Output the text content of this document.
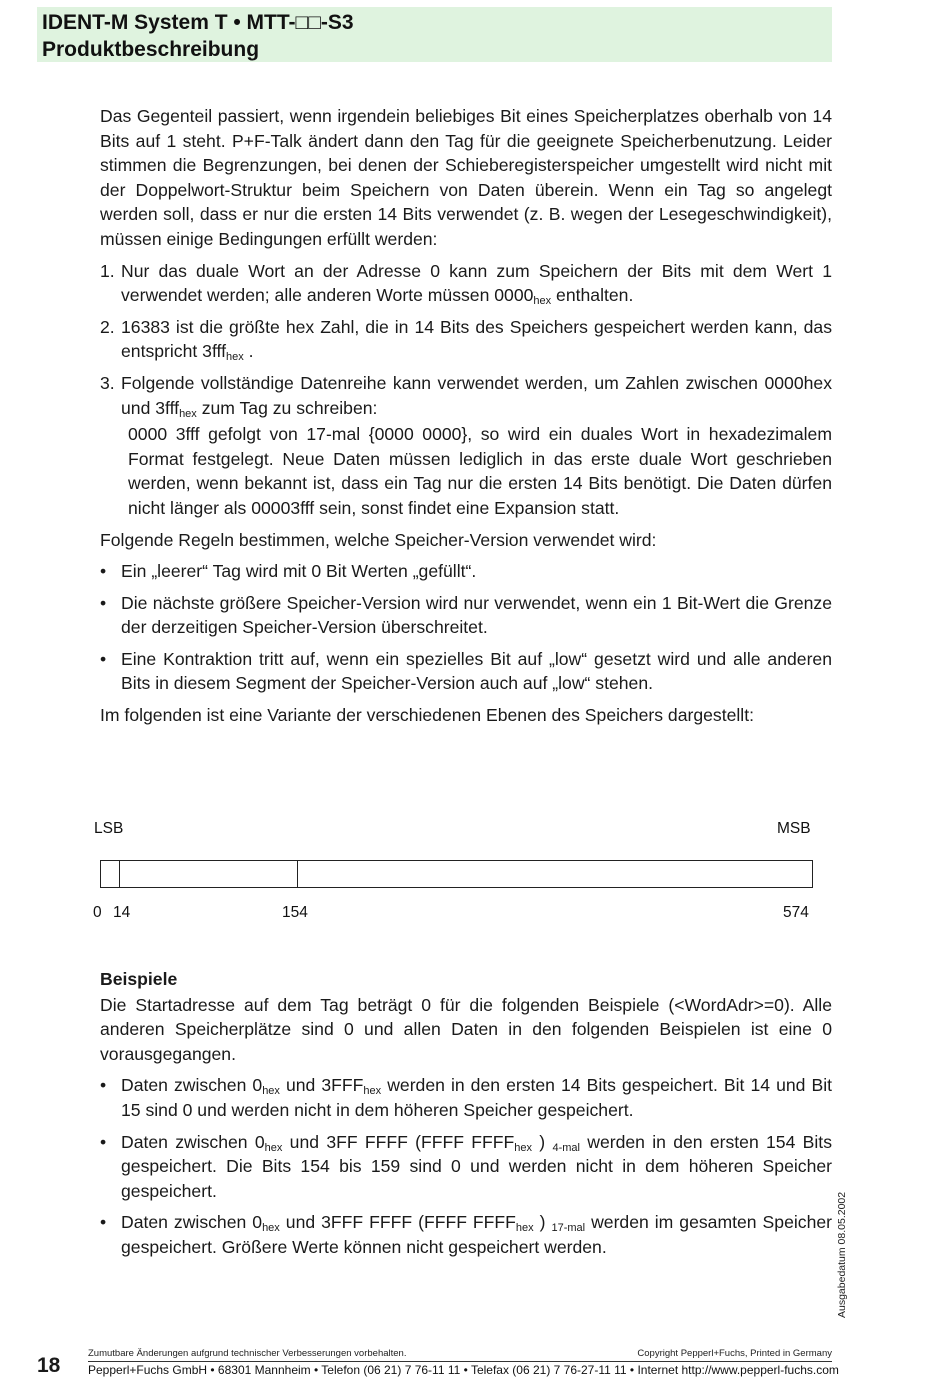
IDENT-M System T • MTT-□□-S3
Produktbeschreibung

Das Gegenteil passiert, wenn irgendein beliebiges Bit eines Speicherplatzes oberhalb von 14 Bits auf 1 steht. P+F-Talk ändert dann den Tag für die geeignete Speicherbenutzung. Leider stimmen die Begrenzungen, bei denen der Schieberegisterspeicher umgestellt wird nicht mit der Doppelwort-Struktur beim Speichern von Daten überein. Wenn ein Tag so angelegt werden soll, dass er nur die ersten 14 Bits verwendet (z. B. wegen der Lesegeschwindigkeit), müssen einige Bedingungen erfüllt werden:

1. Nur das duale Wort an der Adresse 0 kann zum Speichern der Bits mit dem Wert 1 verwendet werden; alle anderen Worte müssen $0000_{hex}$ enthalten.
2. 16383 ist die größte hex Zahl, die in 14 Bits des Speichers gespeichert werden kann, das entspricht 3fff$_{hex}$ .
3. Folgende vollständige Datenreihe kann verwendet werden, um Zahlen zwischen 0000hex und 3fff$_{hex}$ zum Tag zu schreiben:

0000 3fff gefolgt von 17-mal {0000 0000}, so wird ein duales Wort in hexadezimalem Format festgelegt. Neue Daten müssen lediglich in das erste duale Wort geschrieben werden, wenn bekannt ist, dass ein Tag nur die ersten 14 Bits benötigt. Die Daten dürfen nicht länger als 00003fff sein, sonst findet eine Expansion statt.

Folgende Regeln bestimmen, welche Speicher-Version verwendet wird:

• Ein „leerer“ Tag wird mit 0 Bit Werten „gefüllt“.
• Die nächste größere Speicher-Version wird nur verwendet, wenn ein 1 Bit-Wert die Grenze der derzeitigen Speicher-Version überschreitet.
• Eine Kontraktion tritt auf, wenn ein spezielles Bit auf „low“ gesetzt wird und alle anderen Bits in diesem Segment der Speicher-Version auch auf „low“ stehen.

Im folgenden ist eine Variante der verschiedenen Ebenen des Speichers dargestellt:

LSB	MSB
0 14	154	574
Beispiele

Die Startadresse auf dem Tag beträgt 0 für die folgenden Beispiele (<WordAdr>=0). Alle anderen Speicherplätze sind 0 und allen Daten in den folgenden Beispielen ist eine 0 vorausgegangen.

• Daten zwischen $0_{hex}$ und $3FFF_{hex}$ werden in den ersten 14 Bits gespeichert. Bit 14 und Bit 15 sind 0 und werden nicht in dem höheren Speicher gespeichert.
• Daten zwischen $0_{hex}$ und 3FF FFFF (FFFF $FFFF_{hex}$ ) $_{4-mal}$ werden in den ersten 154 Bits gespeichert. Die Bits 154 bis 159 sind 0 und werden nicht in dem höheren Speicher gespeichert.
• Daten zwischen $0_{hex}$ und 3FFF FFFF (FFFF $FFFF_{hex}$ ) $_{17-mal}$ werden im gesamten Speicher gespeichert. Größere Werte können nicht gespeichert werden.	Ausgabedatum 08.05.2002
18
Zumutbare Änderungen aufgrund technischer Verbesserungen vorbehalten.	Copyright Pepperl+Fuchs, Printed in Germany
Pepperl+Fuchs GmbH • 68301 Mannheim • Telefon (06 21) 7 76-11 11 • Telefax (06 21) 7 76-27-11 11 • Internet http://www.pepperl-fuchs.com
